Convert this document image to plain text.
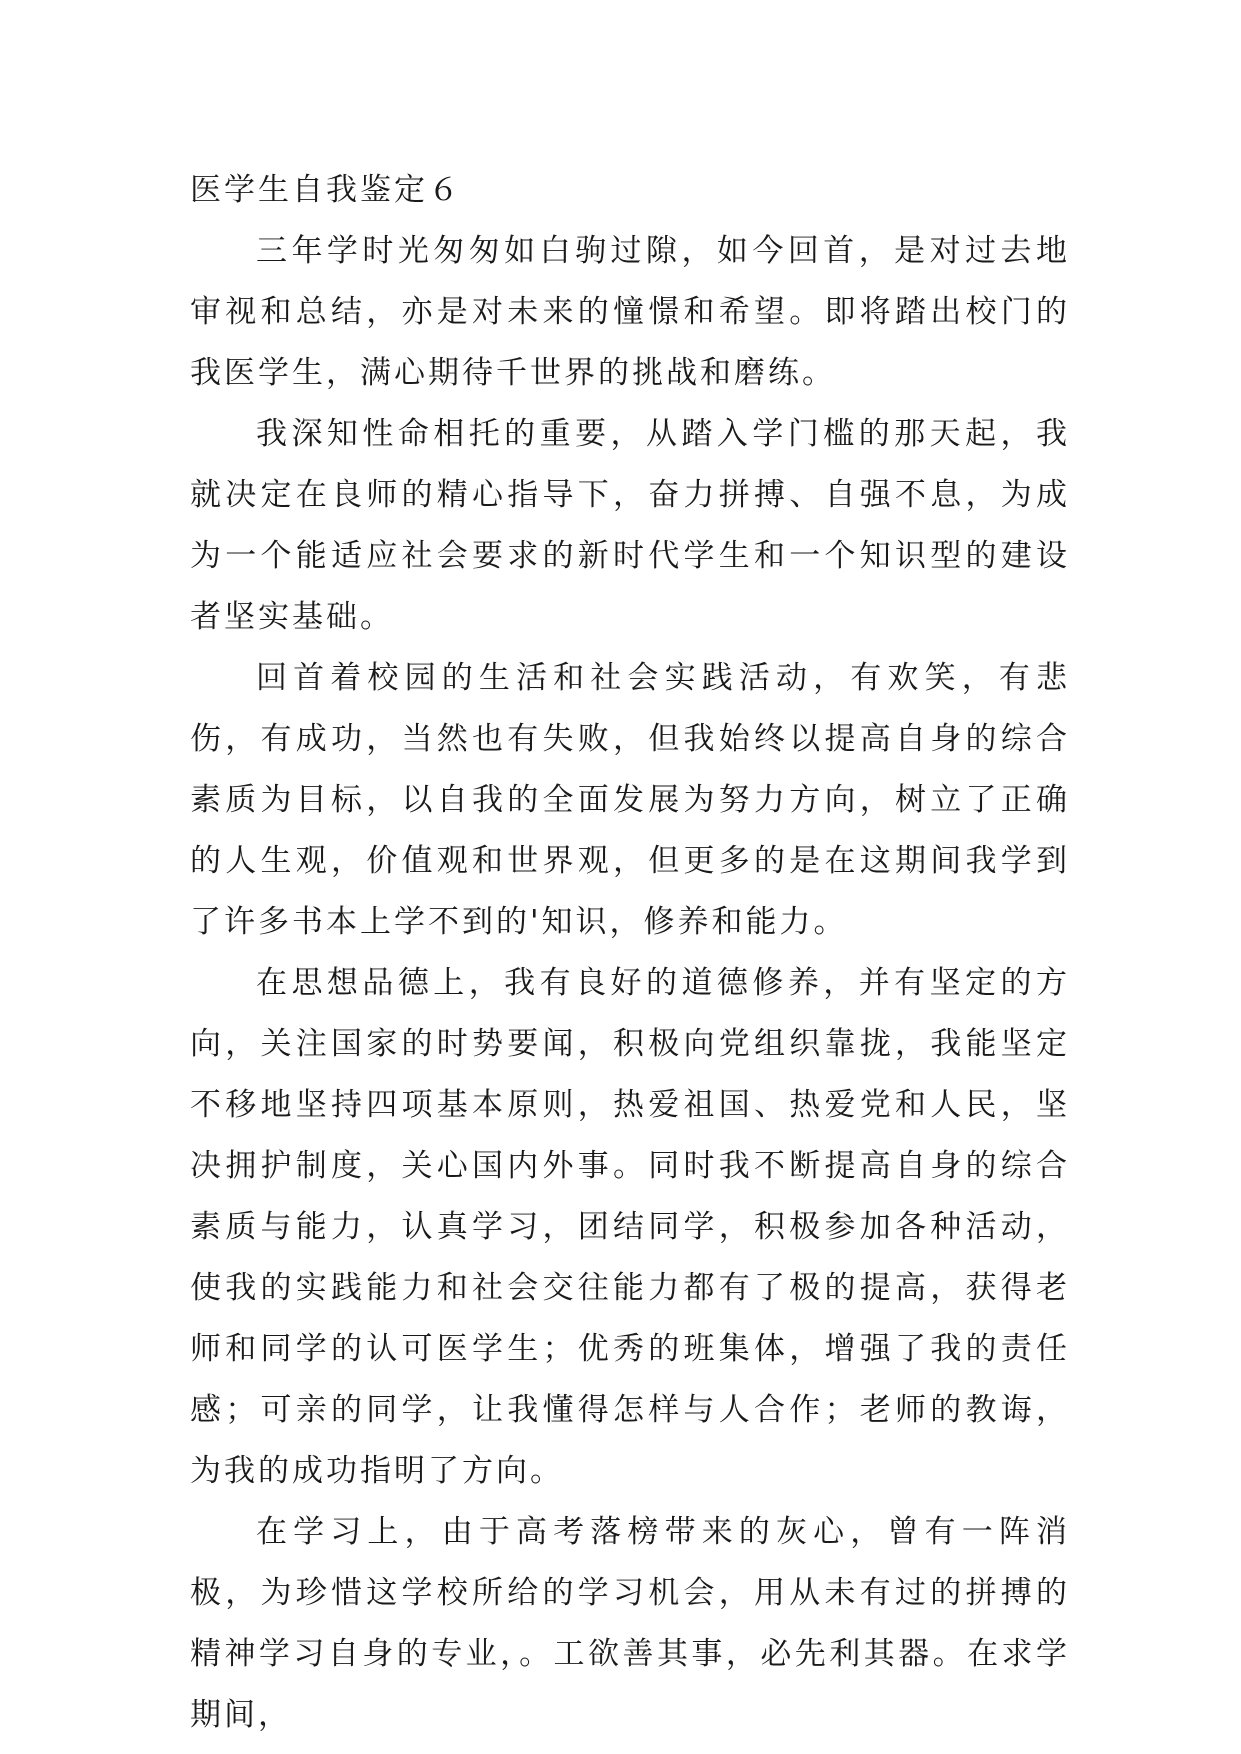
医学生自我鉴定６

三年学时光匆匆如白驹过隙，如今回首，是对过去地审视和总结，亦是对未来的憧憬和希望。即将踏出校门的我医学生，满心期待千世界的挑战和磨练。

我深知性命相托的重要，从踏入学门槛的那天起，我就决定在良师的精心指导下，奋力拼搏、自强不息，为成为一个能适应社会要求的新时代学生和一个知识型的建设者坚实基础。

回首着校园的生活和社会实践活动，有欢笑，有悲伤，有成功，当然也有失败，但我始终以提高自身的综合素质为目标，以自我的全面发展为努力方向，树立了正确的人生观，价值观和世界观，但更多的是在这期间我学到了许多书本上学不到的'知识，修养和能力。

在思想品德上，我有良好的道德修养，并有坚定的方向，关注国家的时势要闻，积极向党组织靠拢，我能坚定不移地坚持四项基本原则，热爱祖国、热爱党和人民，坚决拥护制度，关心国内外事。同时我不断提高自身的综合素质与能力，认真学习，团结同学，积极参加各种活动，使我的实践能力和社会交往能力都有了极的提高，获得老师和同学的认可医学生；优秀的班集体，增强了我的责任感；可亲的同学，让我懂得怎样与人合作；老师的教诲，为我的成功指明了方向。

在学习上，由于高考落榜带来的灰心，曾有一阵消极，为珍惜这学校所给的学习机会，用从未有过的拼搏的精神学习自身的专业，。工欲善其事，必先利其器。在求学期间，
